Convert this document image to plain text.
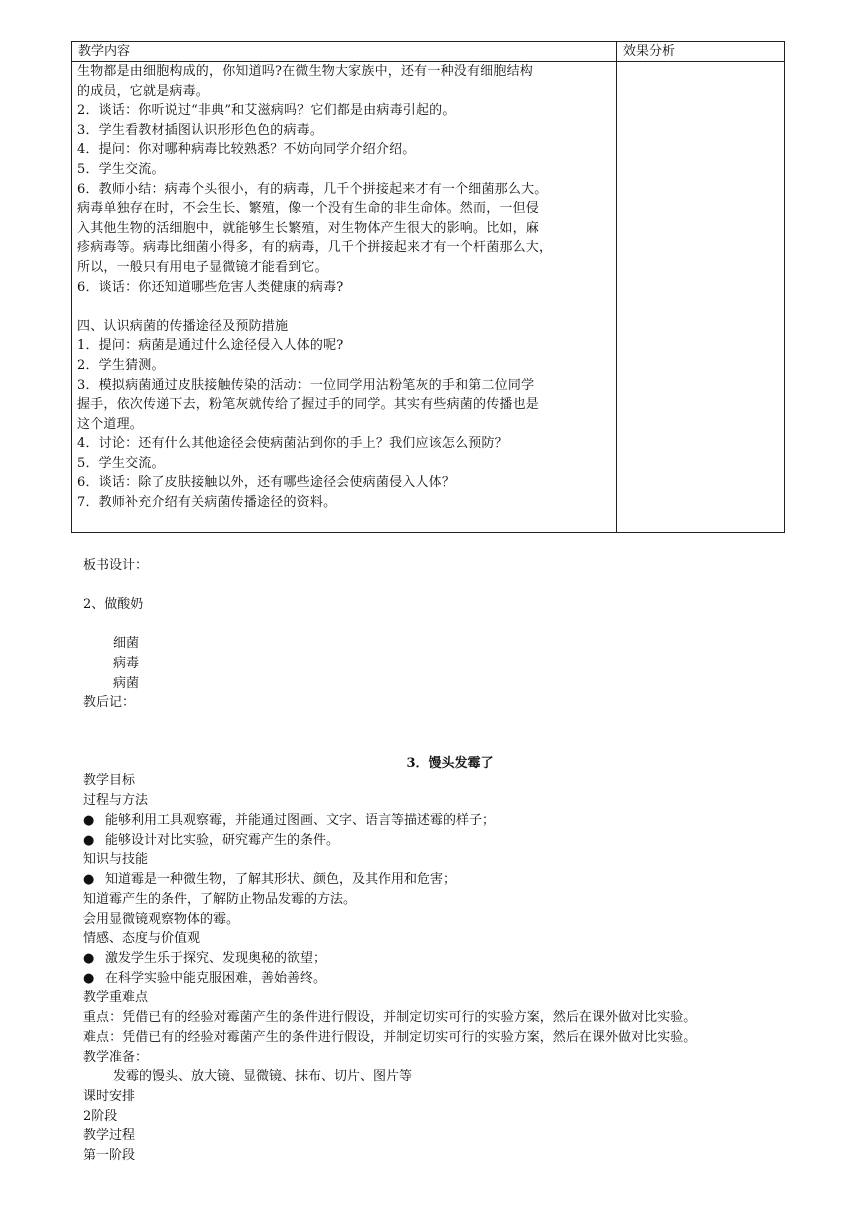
教学内容	效果分析
生物都是由细胞构成的，你知道吗?在微生物大家族中，还有一种没有细胞结构
的成员，它就是病毒。
2．谈话：你听说过“非典”和艾滋病吗？它们都是由病毒引起的。
3．学生看教材插图认识形形色色的病毒。
4．提问：你对哪种病毒比较熟悉？不妨向同学介绍介绍。
5．学生交流。
6．教师小结：病毒个头很小，有的病毒，几千个拼接起来才有一个细菌那么大。
病毒单独存在时，不会生长、繁殖，像一个没有生命的非生命体。然而，一但侵
入其他生物的活细胞中，就能够生长繁殖，对生物体产生很大的影响。比如，麻
疹病毒等。病毒比细菌小得多，有的病毒，几千个拼接起来才有一个杆菌那么大，
所以，一般只有用电子显微镜才能看到它。
6．谈话：你还知道哪些危害人类健康的病毒?
四、认识病菌的传播途径及预防措施
1．提问：病菌是通过什么途径侵入人体的呢?
2．学生猜测。
3．模拟病菌通过皮肤接触传染的活动：一位同学用沾粉笔灰的手和第二位同学
握手，依次传递下去，粉笔灰就传给了握过手的同学。其实有些病菌的传播也是
这个道理。
4．讨论：还有什么其他途径会使病菌沾到你的手上？我们应该怎么预防？
5．学生交流。
6．谈话：除了皮肤接触以外，还有哪些途径会使病菌侵入人体？
7．教师补充介绍有关病菌传播途径的资料。
板书设计：
2、做酸奶
细菌
病毒
病菌
教后记：
3．馒头发霉了
教学目标
过程与方法
● 能够利用工具观察霉，并能通过图画、文字、语言等描述霉的样子；
● 能够设计对比实验，研究霉产生的条件。
知识与技能
● 知道霉是一种微生物，了解其形状、颜色，及其作用和危害；
知道霉产生的条件，了解防止物品发霉的方法。
会用显微镜观察物体的霉。
情感、态度与价值观
● 激发学生乐于探究、发现奥秘的欲望；
● 在科学实验中能克服困难，善始善终。
教学重难点
重点：凭借已有的经验对霉菌产生的条件进行假设，并制定切实可行的实验方案，然后在课外做对比实验。
难点：凭借已有的经验对霉菌产生的条件进行假设，并制定切实可行的实验方案，然后在课外做对比实验。
教学准备：
发霉的馒头、放大镜、显微镜、抹布、切片、图片等
课时安排
2阶段
教学过程
第一阶段
